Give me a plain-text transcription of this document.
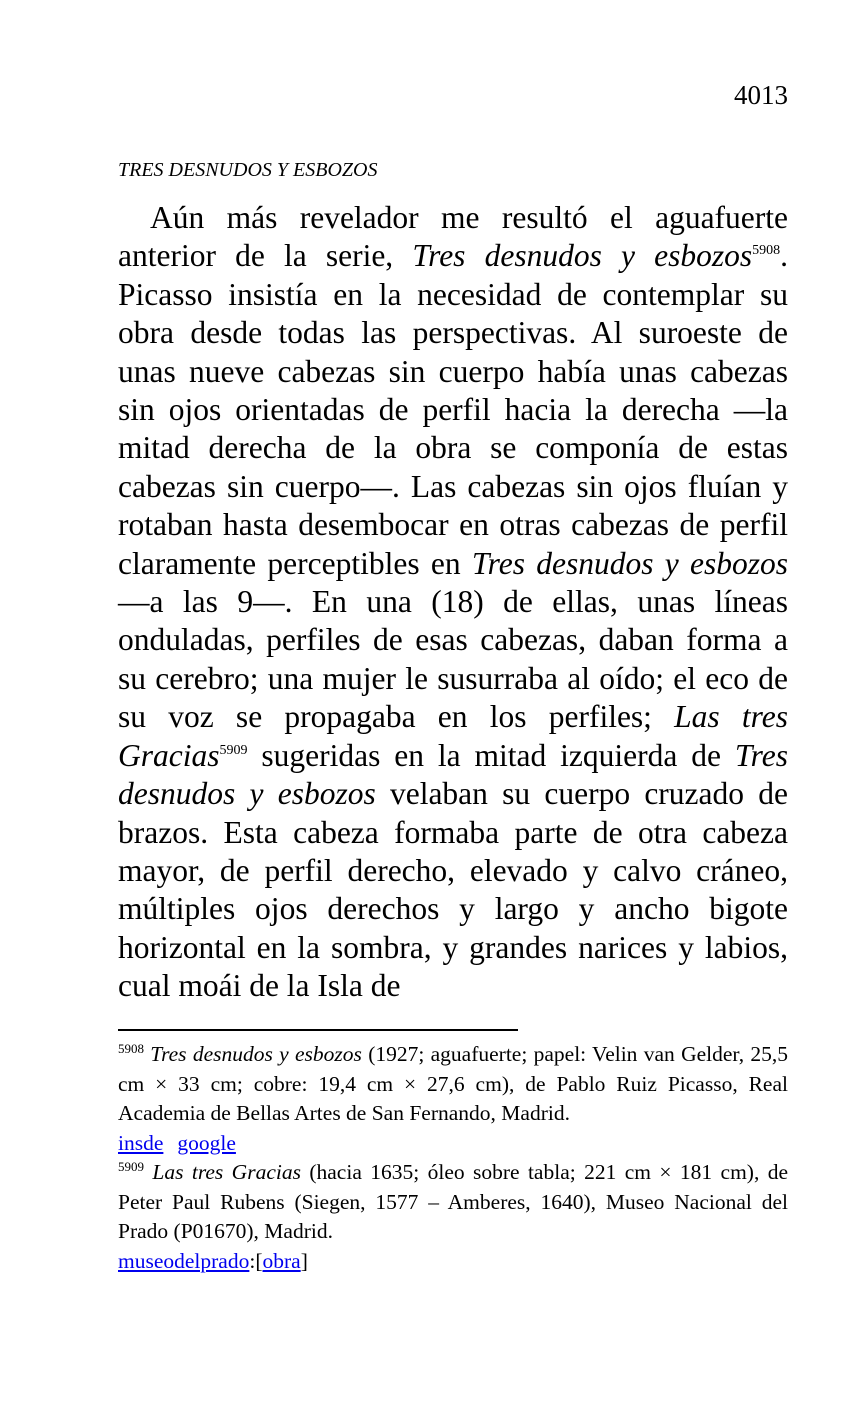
4013
TRES DESNUDOS Y ESBOZOS

Aún más revelador me resultó el aguafuerte anterior de la serie, Tres desnudos y esbozos$^{5908}$. Picasso insistía en la necesidad de contemplar su obra desde todas las perspectivas. Al suroeste de unas nueve cabezas sin cuerpo había unas cabezas sin ojos orientadas de perfil hacia la derecha —la mitad derecha de la obra se componía de estas cabezas sin cuerpo—. Las cabezas sin ojos fluían y rotaban hasta desembocar en otras cabezas de perfil claramente perceptibles en Tres desnudos y esbozos —a las 9—. En una (18) de ellas, unas líneas onduladas, perfiles de esas cabezas, daban forma a su cerebro; una mujer le susurraba al oído; el eco de su voz se propagaba en los perfiles; Las tres Gracias$^{5909}$ sugeridas en la mitad izquierda de Tres desnudos y esbozos velaban su cuerpo cruzado de brazos. Esta cabeza formaba parte de otra cabeza mayor, de perfil derecho, elevado y calvo cráneo, múltiples ojos derechos y largo y ancho bigote horizontal en la sombra, y grandes narices y labios, cual moái de la Isla de

$^{5908}$ Tres desnudos y esbozos (1927; aguafuerte; papel: Velin van Gelder, 25,5 cm × 33 cm; cobre: 19,4 cm × 27,6 cm), de Pablo Ruiz Picasso, Real Academia de Bellas Artes de San Fernando, Madrid.

insde google

$^{5909}$ Las tres Gracias (hacia 1635; óleo sobre tabla; 221 cm × 181 cm), de Peter Paul Rubens (Siegen, 1577 – Amberes, 1640), Museo Nacional del Prado (P01670), Madrid.

museodelprado:[obra]
